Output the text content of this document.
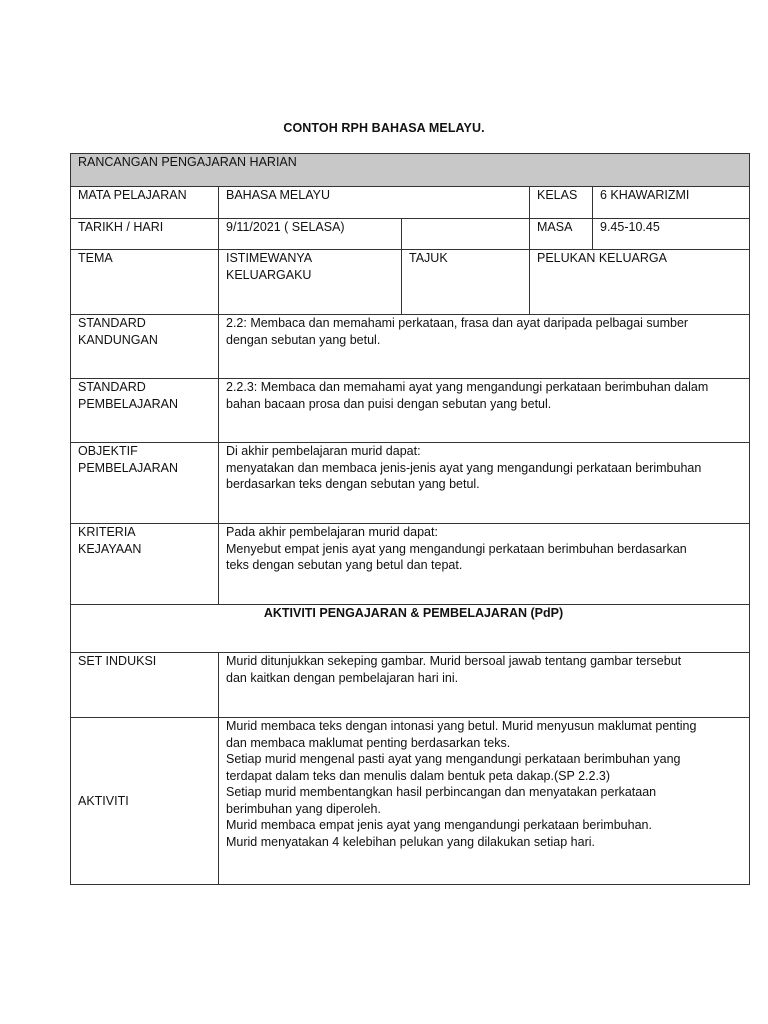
CONTOH RPH BAHASA MELAYU.
RANCANGAN PENGAJARAN HARIAN				
MATA PELAJARAN	BAHASA MELAYU		KELAS	6 KHAWARIZMI
TARIKH / HARI	9/11/2021 ( SELASA)		MASA	9.45-10.45
TEMA	ISTIMEWANYA KELUARGAKU	TAJUK	PELUKAN KELUARGA	
STANDARD KANDUNGAN	2.2: Membaca dan memahami perkataan, frasa dan ayat daripada pelbagai sumber dengan sebutan yang betul.			
STANDARD PEMBELAJARAN	2.2.3: Membaca dan memahami ayat yang mengandungi perkataan berimbuhan dalam bahan bacaan prosa dan puisi dengan sebutan yang betul.			
OBJEKTIF PEMBELAJARAN	Di akhir pembelajaran murid dapat:
menyatakan dan membaca jenis-jenis ayat yang mengandungi perkataan berimbuhan berdasarkan teks dengan sebutan yang betul.			

KRITERIA KEJAYAAN	Pada akhir pembelajaran murid dapat:
Menyebut empat jenis ayat yang mengandungi perkataan berimbuhan berdasarkan teks dengan sebutan yang betul dan tepat.			

AKTIVITI PENGAJARAN & PEMBELAJARAN (PdP)				
SET INDUKSI	Murid ditunjukkan sekeping gambar. Murid bersoal jawab tentang gambar tersebut dan kaitkan dengan pembelajaran hari ini.			
AKTIVITI	Murid membaca teks dengan intonasi yang betul. Murid menyusun maklumat penting dan membaca maklumat penting berdasarkan teks.
Setiap murid mengenal pasti ayat yang mengandungi perkataan berimbuhan yang terdapat dalam teks dan menulis dalam bentuk peta dakap.(SP 2.2.3)
Setiap murid membentangkan hasil perbincangan dan menyatakan perkataan berimbuhan yang diperoleh.
Murid membaca empat jenis ayat yang mengandungi perkataan berimbuhan.
Murid menyatakan 4 kelebihan pelukan yang dilakukan setiap hari.			
